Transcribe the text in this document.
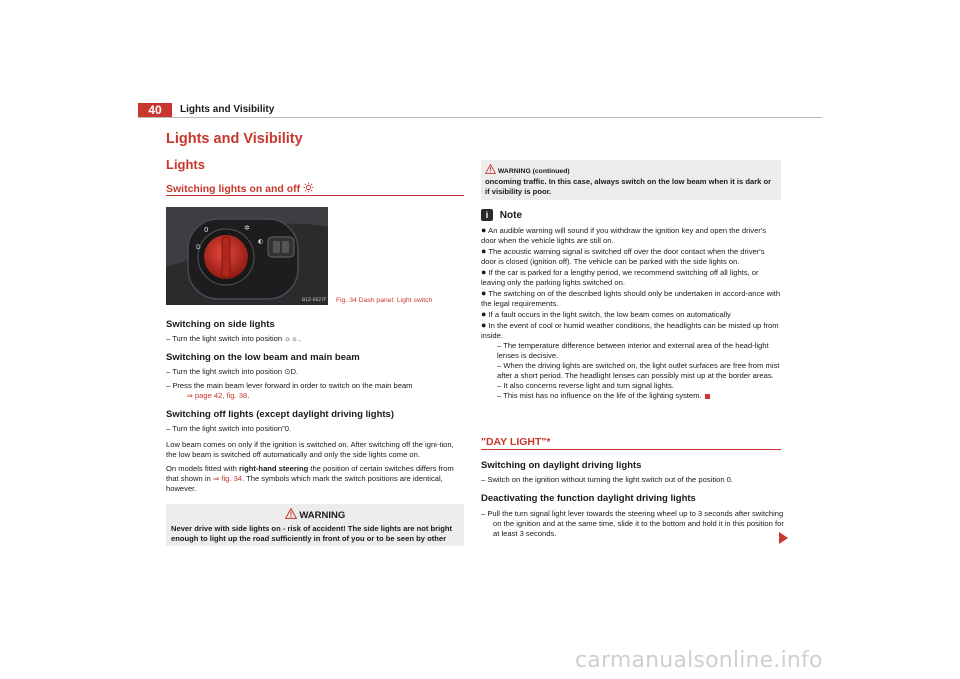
40	Lights and Visibility
Lights and Visibility
Lights
Switching lights on and off
0
D
✲
◐
B1Z-0027F Fig. 34 Dash panel: Light switch
Switching on side lights

– Turn the light switch into position ☼☼.

Switching on the low beam and main beam

– Turn the light switch into position ⊙D.

– Press the main beam lever forward in order to switch on the main beam
⇒ page 42, fig. 38.

Switching off lights (except daylight driving lights)

– Turn the light switch into position"0.

Low beam comes on only if the ignition is switched on. After switching off the igni-tion, the low beam is switched off automatically and only the side lights come on.

On models fitted with right-hand steering the position of certain switches differs from that shown in ⇒ fig. 34. The symbols which mark the switch positions are identical, however.

WARNING
Never drive with side lights on - risk of accident! The side lights are not bright enough to light up the road sufficiently in front of you or to be seen by other
WARNING (continued)
oncoming traffic. In this case, always switch on the low beam when it is dark or if visibility is poor.
i Note

● An audible warning will sound if you withdraw the ignition key and open the driver's door when the vehicle lights are still on.

● The acoustic warning signal is switched off over the door contact when the driver's door is closed (ignition off). The vehicle can be parked with the side lights on.

● If the car is parked for a lengthy period, we recommend switching off all lights, or leaving only the parking lights switched on.

● The switching on of the described lights should only be undertaken in accord-ance with the legal requirements.

● If a fault occurs in the light switch, the low beam comes on automatically

● In the event of cool or humid weather conditions, the headlights can be misted up from inside.

– The temperature difference between interior and external area of the head-light lenses is decisive.

– When the driving lights are switched on, the light outlet surfaces are free from mist after a short period. The headlight lenses can possibly mist up at the border areas.

– It also concerns reverse light and turn signal lights.

– This mist has no influence on the life of the lighting system.

"DAY LIGHT"*
Switching on daylight driving lights

– Switch on the ignition without turning the light switch out of the position 0.

Deactivating the function daylight driving lights

– Pull the turn signal light lever towards the steering wheel up to 3 seconds after switching on the ignition and at the same time, slide it to the bottom and hold it in this position for at least 3 seconds.

carmanualsonline.info
